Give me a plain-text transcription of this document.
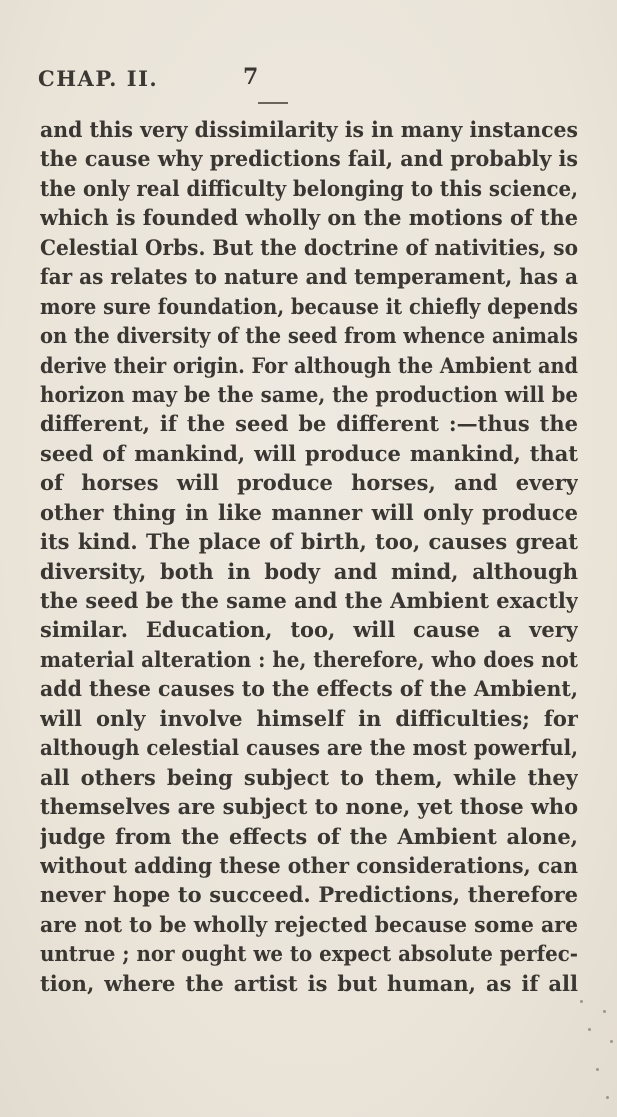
CHAP. II.	7
and this very dissimilarity is in many instances
the cause why predictions fail, and probably is
the only real difficulty belonging to this science,
which is founded wholly on the motions of the
Celestial Orbs. But the doctrine of nativities, so
far as relates to nature and temperament, has a
more sure foundation, because it chiefly depends
on the diversity of the seed from whence animals
derive their origin. For although the Ambient and
horizon may be the same, the production will be
different, if the seed be different :—thus the
seed of mankind, will produce mankind, that
of horses will produce horses, and every
other thing in like manner will only produce
its kind. The place of birth, too, causes great
diversity, both in body and mind, although
the seed be the same and the Ambient exactly
similar. Education, too, will cause a very
material alteration : he, therefore, who does not
add these causes to the effects of the Ambient,
will only involve himself in difficulties; for
although celestial causes are the most powerful,
all others being subject to them, while they
themselves are subject to none, yet those who
judge from the effects of the Ambient alone,
without adding these other considerations, can
never hope to succeed. Predictions, therefore
are not to be wholly rejected because some are
untrue ; nor ought we to expect absolute perfec-
tion, where the artist is but human, as if all
